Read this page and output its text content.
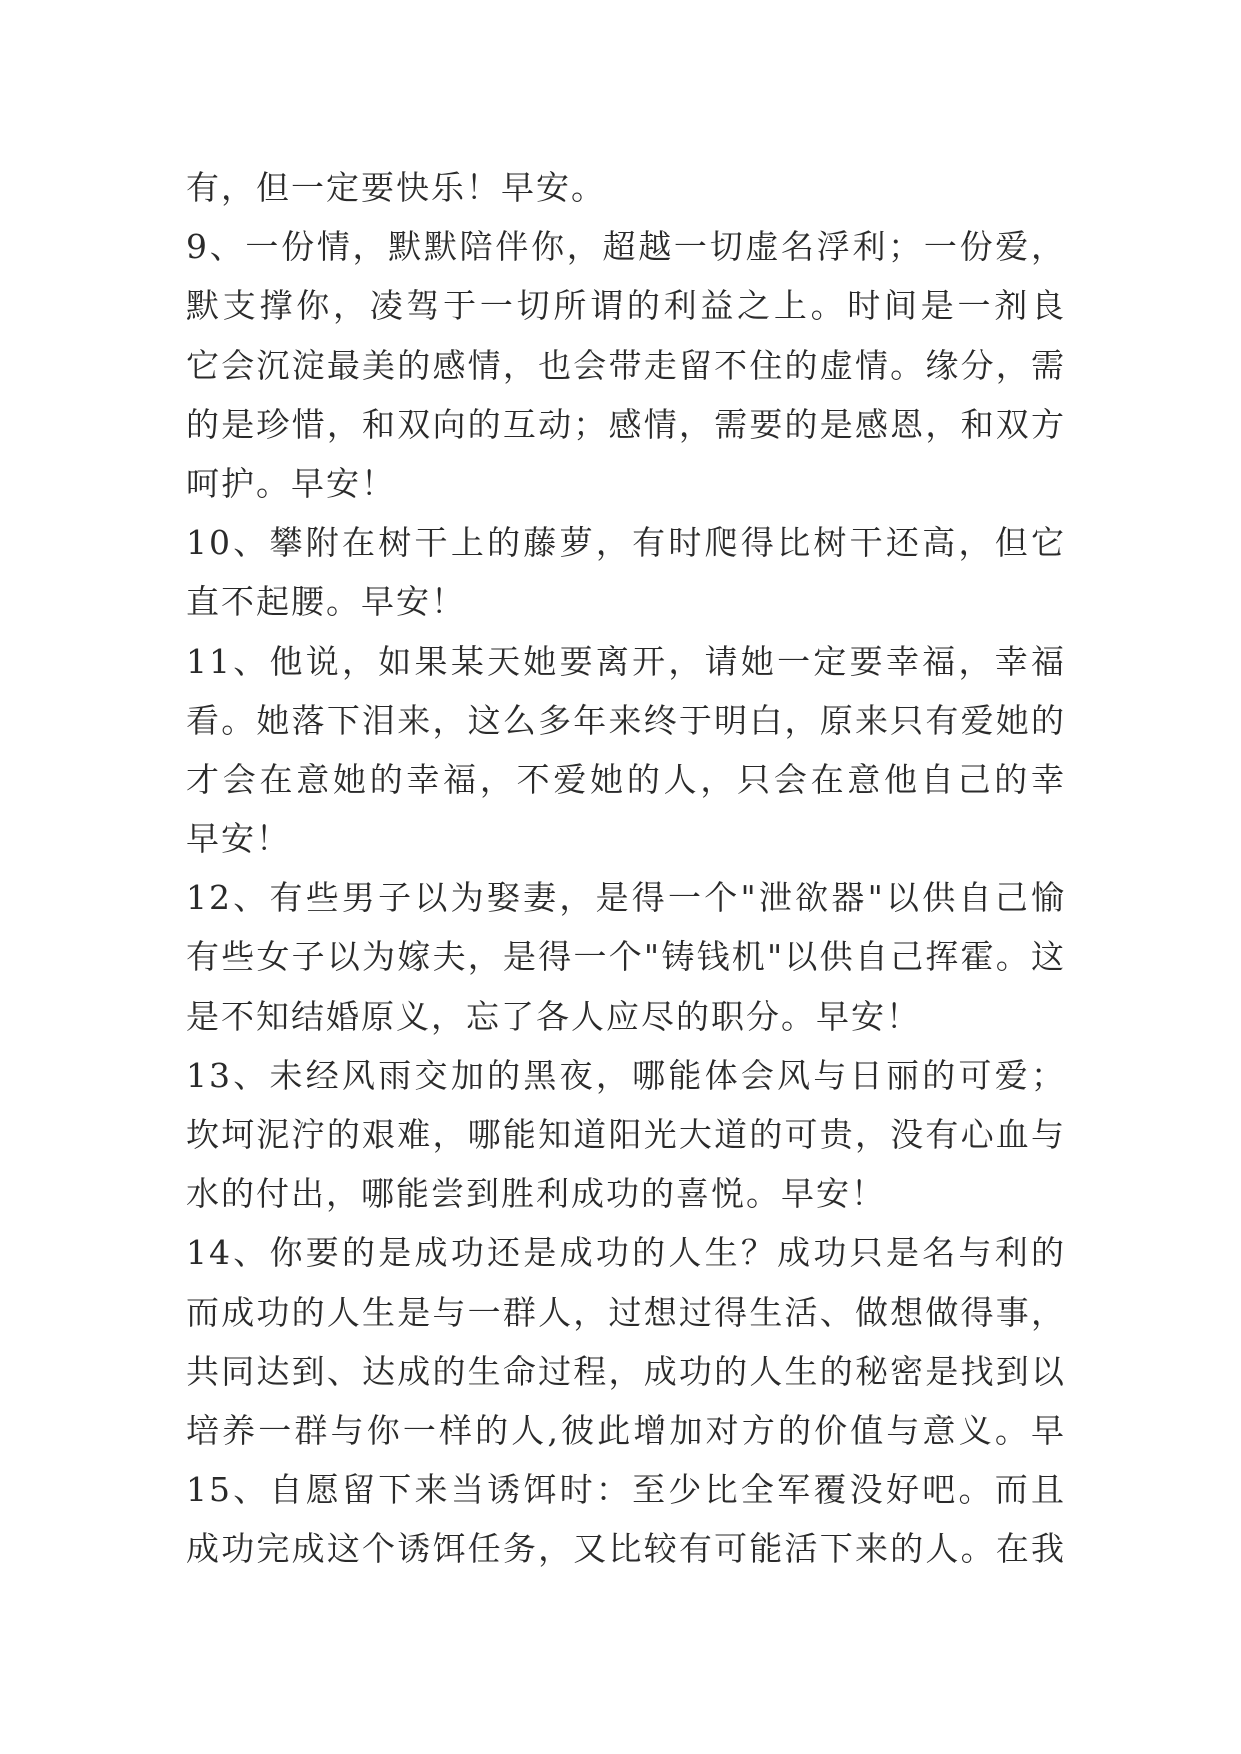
有，但一定要快乐！早安。
9、一份情，默默陪伴你，超越一切虚名浮利；一份爱，
默支撑你，凌驾于一切所谓的利益之上。时间是一剂良
它会沉淀最美的感情，也会带走留不住的虚情。缘分，需
的是珍惜，和双向的互动；感情，需要的是感恩，和双方
呵护。早安！
10、攀附在树干上的藤萝，有时爬得比树干还高，但它
直不起腰。早安！
11、他说，如果某天她要离开，请她一定要幸福，幸福
看。她落下泪来，这么多年来终于明白，原来只有爱她的
才会在意她的幸福，不爱她的人，只会在意他自己的幸
早安！
12、有些男子以为娶妻，是得一个"泄欲器"以供自己愉
有些女子以为嫁夫，是得一个"铸钱机"以供自己挥霍。这
是不知结婚原义，忘了各人应尽的职分。早安！
13、未经风雨交加的黑夜，哪能体会风与日丽的可爱；
坎坷泥泞的艰难，哪能知道阳光大道的可贵，没有心血与
水的付出，哪能尝到胜利成功的喜悦。早安！
14、你要的是成功还是成功的人生？成功只是名与利的
而成功的人生是与一群人，过想过得生活、做想做得事，
共同达到、达成的生命过程，成功的人生的秘密是找到以
培养一群与你一样的人,彼此增加对方的价值与意义。早
15、自愿留下来当诱饵时：至少比全军覆没好吧。而且
成功完成这个诱饵任务，又比较有可能活下来的人。在我
